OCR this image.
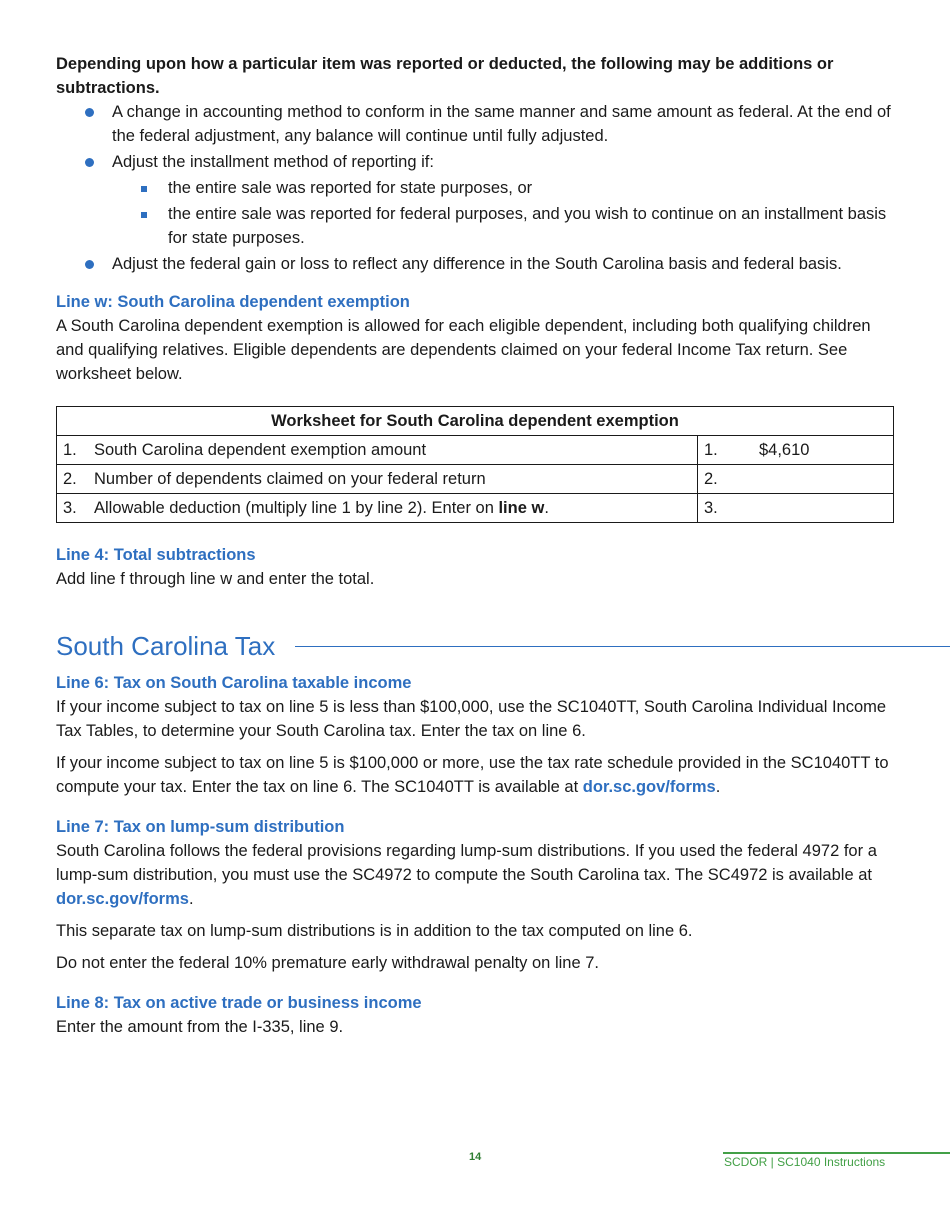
Depending upon how a particular item was reported or deducted, the following may be additions or subtractions.

A change in accounting method to conform in the same manner and same amount as federal. At the end of the federal adjustment, any balance will continue until fully adjusted.
Adjust the installment method of reporting if:
the entire sale was reported for state purposes, or
the entire sale was reported for federal purposes, and you wish to continue on an installment basis for state purposes.
Adjust the federal gain or loss to reflect any difference in the South Carolina basis and federal basis.
Line w: South Carolina dependent exemption

A South Carolina dependent exemption is allowed for each eligible dependent, including both qualifying children and qualifying relatives. Eligible dependents are dependents claimed on your federal Income Tax return. See worksheet below.

Worksheet for South Carolina dependent exemption	
1. South Carolina dependent exemption amount	1. $4,610
2. Number of dependents claimed on your federal return	2.
3. Allowable deduction (multiply line 1 by line 2). Enter on line w.	3.
Line 4: Total subtractions

Add line f through line w and enter the total.

South Carolina Tax
Line 6: Tax on South Carolina taxable income

If your income subject to tax on line 5 is less than $100,000, use the SC1040TT, South Carolina Individual Income Tax Tables, to determine your South Carolina tax. Enter the tax on line 6.

If your income subject to tax on line 5 is $100,000 or more, use the tax rate schedule provided in the SC1040TT to compute your tax. Enter the tax on line 6. The SC1040TT is available at dor.sc.gov/forms.

Line 7: Tax on lump-sum distribution

South Carolina follows the federal provisions regarding lump-sum distributions. If you used the federal 4972 for a lump-sum distribution, you must use the SC4972 to compute the South Carolina tax. The SC4972 is available at dor.sc.gov/forms.

This separate tax on lump-sum distributions is in addition to the tax computed on line 6.

Do not enter the federal 10% premature early withdrawal penalty on line 7.

Line 8: Tax on active trade or business income

Enter the amount from the I-335, line 9.

14	SCDOR | SC1040 Instructions
